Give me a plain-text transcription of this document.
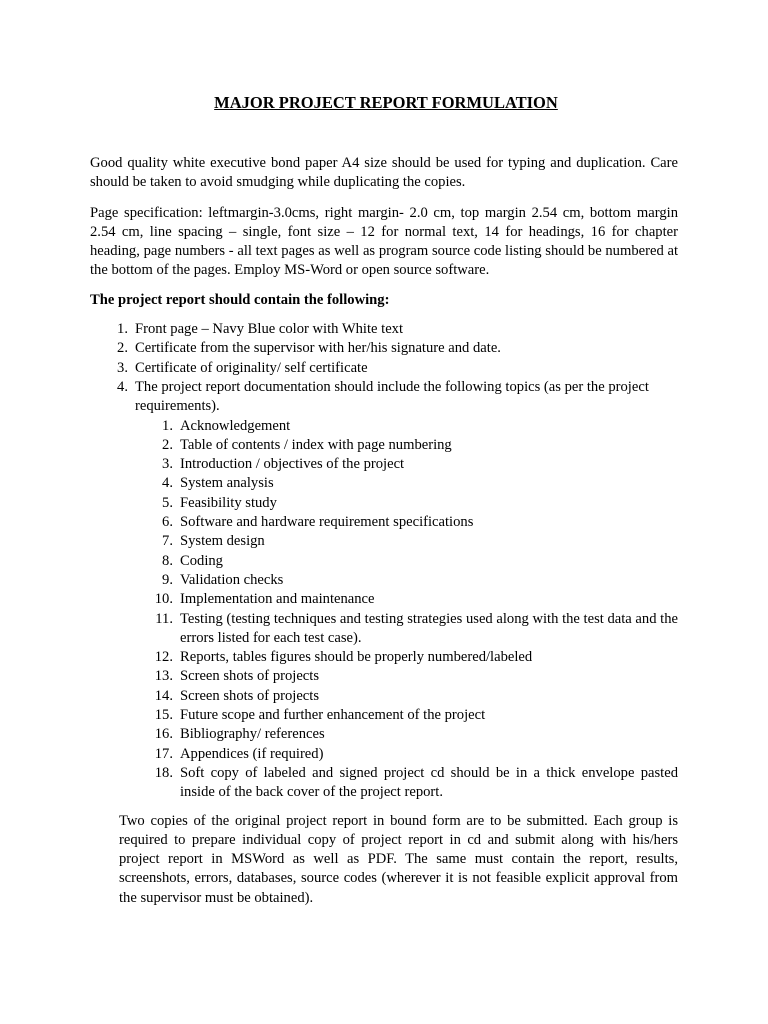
MAJOR PROJECT REPORT FORMULATION

Good quality white executive bond paper A4 size should be used for typing and duplication. Care should be taken to avoid smudging while duplicating the copies.

Page specification: leftmargin-3.0cms, right margin- 2.0 cm, top margin 2.54 cm, bottom margin 2.54 cm, line spacing – single, font size – 12 for normal text, 14 for headings, 16 for chapter heading, page numbers - all text pages as well as program source code listing should be numbered at the bottom of the pages. Employ MS-Word or open source software.

The project report should contain the following:

1. Front page – Navy Blue color with White text
2. Certificate from the supervisor with her/his signature and date.
3. Certificate of originality/ self certificate
4. The project report documentation should include the following topics (as per the project requirements).
1. Acknowledgement
2. Table of contents / index with page numbering
3. Introduction / objectives of the project
4. System analysis
5. Feasibility study
6. Software and hardware requirement specifications
7. System design
8. Coding
9. Validation checks
10. Implementation and maintenance
11. Testing (testing techniques and testing strategies used along with the test data and the errors listed for each test case).
12. Reports, tables figures should be properly numbered/labeled
13. Screen shots of projects
14. Screen shots of projects
15. Future scope and further enhancement of the project
16. Bibliography/ references
17. Appendices (if required)
18. Soft copy of labeled and signed project cd should be in a thick envelope pasted inside of the back cover of the project report.

Two copies of the original project report in bound form are to be submitted. Each group is required to prepare individual copy of project report in cd and submit along with his/hers project report in MSWord as well as PDF. The same must contain the report, results, screenshots, errors, databases, source codes (wherever it is not feasible explicit approval from the supervisor must be obtained).
